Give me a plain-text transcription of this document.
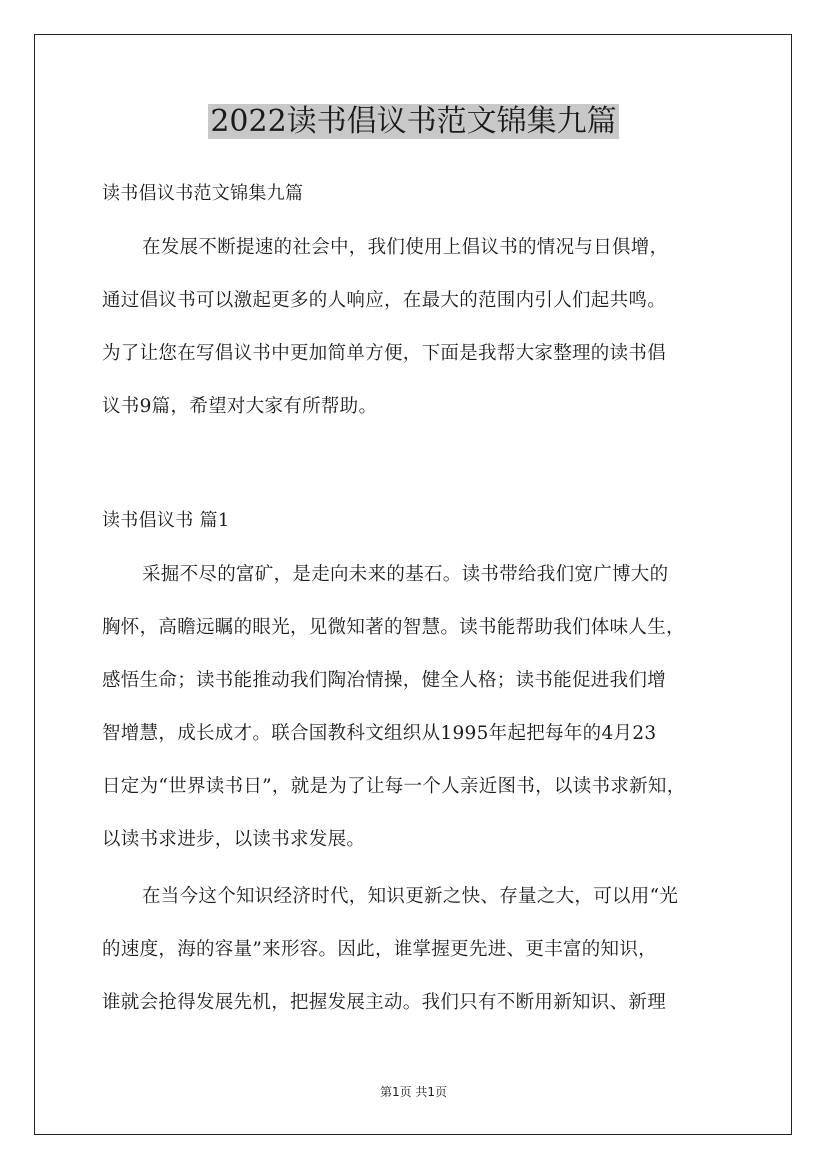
2022读书倡议书范文锦集九篇
读书倡议书范文锦集九篇
在发展不断提速的社会中，我们使用上倡议书的情况与日俱增，
通过倡议书可以激起更多的人响应，在最大的范围内引人们起共鸣。
为了让您在写倡议书中更加简单方便，下面是我帮大家整理的读书倡
议书9篇，希望对大家有所帮助。
读书倡议书 篇1
采掘不尽的富矿，是走向未来的基石。读书带给我们宽广博大的
胸怀，高瞻远瞩的眼光，见微知著的智慧。读书能帮助我们体味人生，
感悟生命；读书能推动我们陶冶情操，健全人格；读书能促进我们增
智增慧，成长成才。联合国教科文组织从1995年起把每年的4月23
日定为“世界读书日”，就是为了让每一个人亲近图书，以读书求新知，
以读书求进步，以读书求发展。
在当今这个知识经济时代，知识更新之快、存量之大，可以用“光
的速度，海的容量”来形容。因此，谁掌握更先进、更丰富的知识，
谁就会抢得发展先机，把握发展主动。我们只有不断用新知识、新理
第1页 共1页
